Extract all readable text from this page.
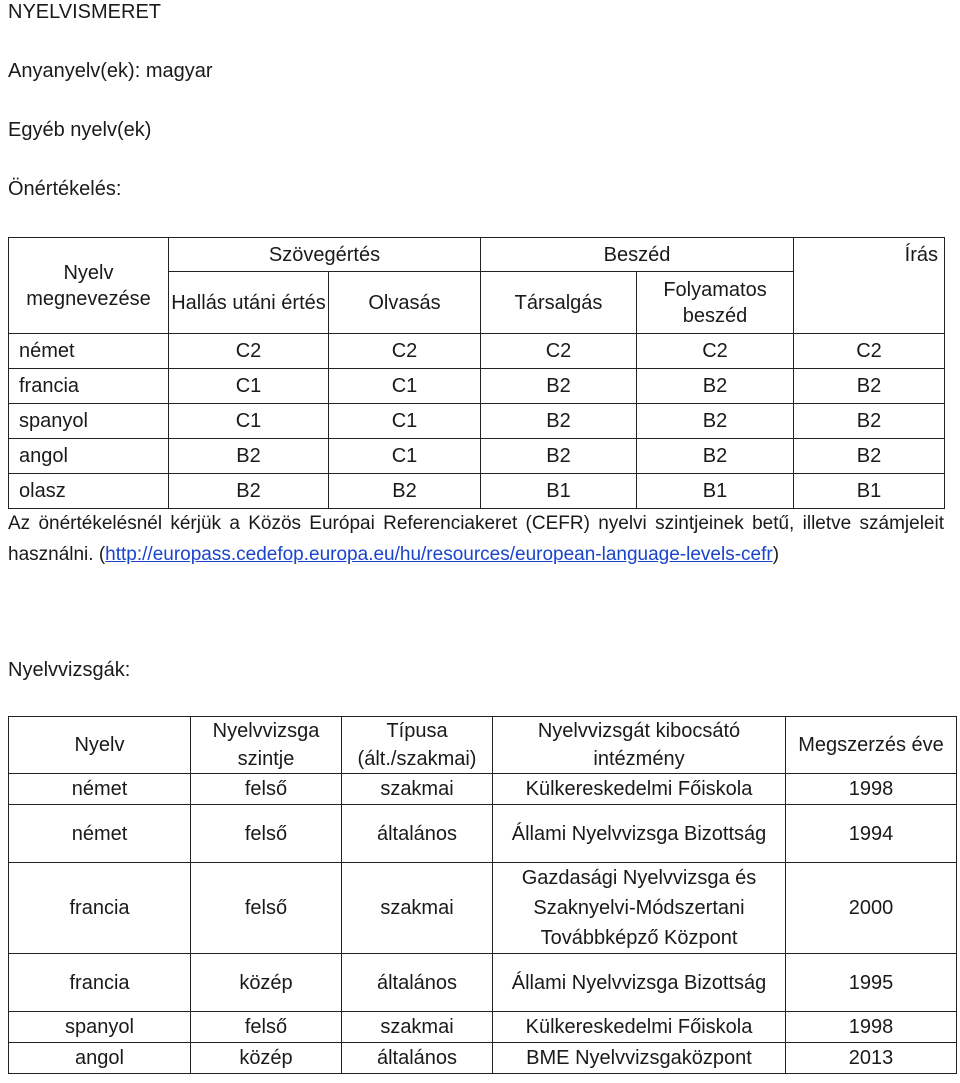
NYELVISMERET
Anyanyelv(ek): magyar
Egyéb nyelv(ek)
Önértékelés:
Nyelv megnevezése	Szövegértés		Beszéd		Írás
	Hallás utáni értés	Olvasás	Társalgás	Folyamatos beszéd	
német	C2	C2	C2	C2	C2
francia	C1	C1	B2	B2	B2
spanyol	C1	C1	B2	B2	B2
angol	B2	C1	B2	B2	B2
olasz	B2	B2	B1	B1	B1
Az önértékelésnél kérjük a Közös Európai Referenciakeret (CEFR) nyelvi szintjeinek betű, illetve számjeleit használni. (http://europass.cedefop.europa.eu/hu/resources/european-language-levels-cefr)
Nyelvvizsgák:
Nyelv	Nyelvvizsga szintje	Típusa (ált./szakmai)	Nyelvvizsgát kibocsátó intézmény	Megszerzés éve
német	felső	szakmai	Külkereskedelmi Főiskola	1998
német	felső	általános	Állami Nyelvvizsga Bizottság	1994
francia	felső	szakmai	Gazdasági Nyelvvizsga és Szaknyelvi-Módszertani Továbbképző Központ	2000
francia	közép	általános	Állami Nyelvvizsga Bizottság	1995
spanyol	felső	szakmai	Külkereskedelmi Főiskola	1998
angol	közép	általános	BME Nyelvvizsgaközpont	2013
